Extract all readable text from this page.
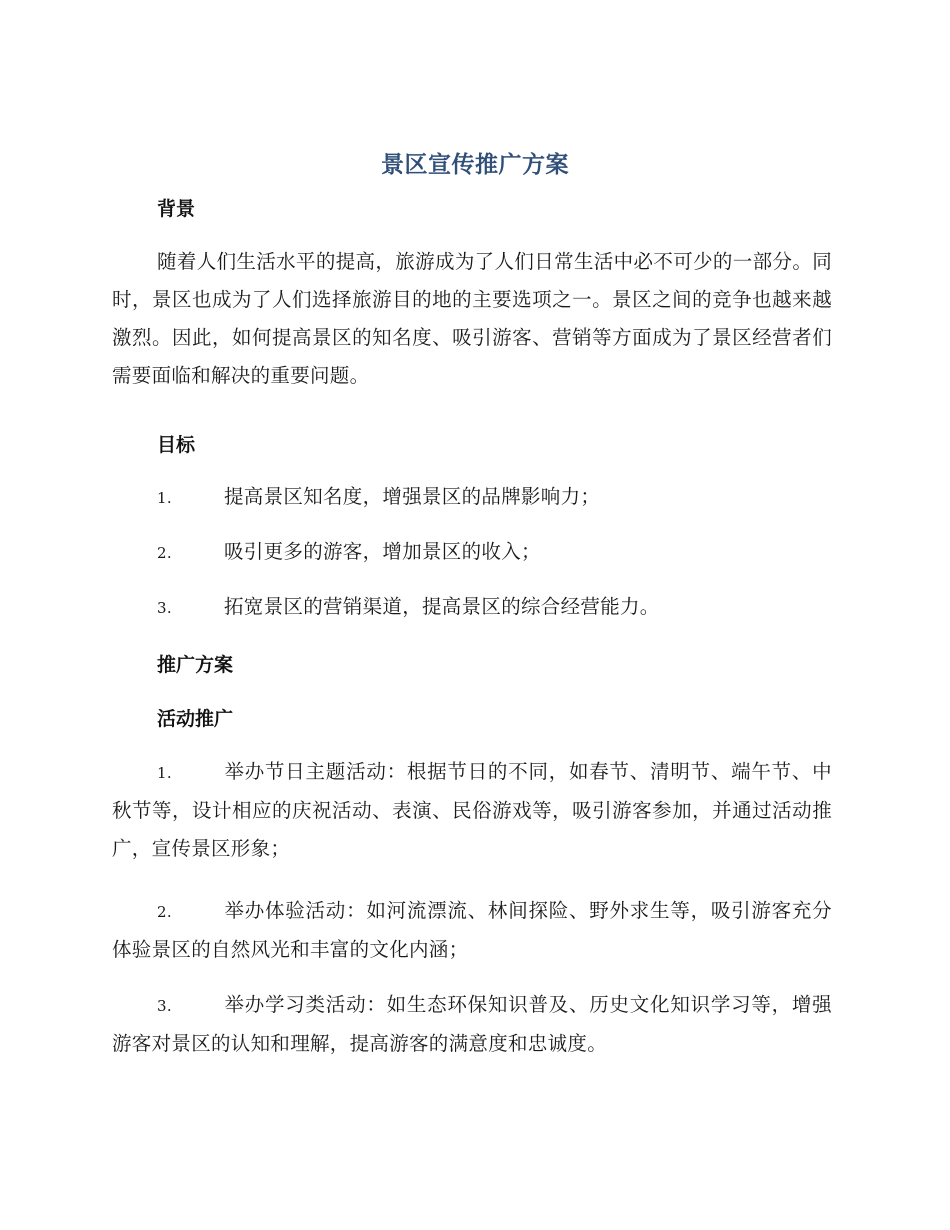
景区宣传推广方案
背景
随着人们生活水平的提高，旅游成为了人们日常生活中必不可少的一部分。同时，景区也成为了人们选择旅游目的地的主要选项之一。景区之间的竞争也越来越激烈。因此，如何提高景区的知名度、吸引游客、营销等方面成为了景区经营者们需要面临和解决的重要问题。
目标
1.	提高景区知名度，增强景区的品牌影响力；
2.	吸引更多的游客，增加景区的收入；
3.	拓宽景区的营销渠道，提高景区的综合经营能力。
推广方案
活动推广
1.	举办节日主题活动：根据节日的不同，如春节、清明节、端午节、中秋节等，设计相应的庆祝活动、表演、民俗游戏等，吸引游客参加，并通过活动推广，宣传景区形象；
2.	举办体验活动：如河流漂流、林间探险、野外求生等，吸引游客充分体验景区的自然风光和丰富的文化内涵；
3.	举办学习类活动：如生态环保知识普及、历史文化知识学习等，增强游客对景区的认知和理解，提高游客的满意度和忠诚度。
